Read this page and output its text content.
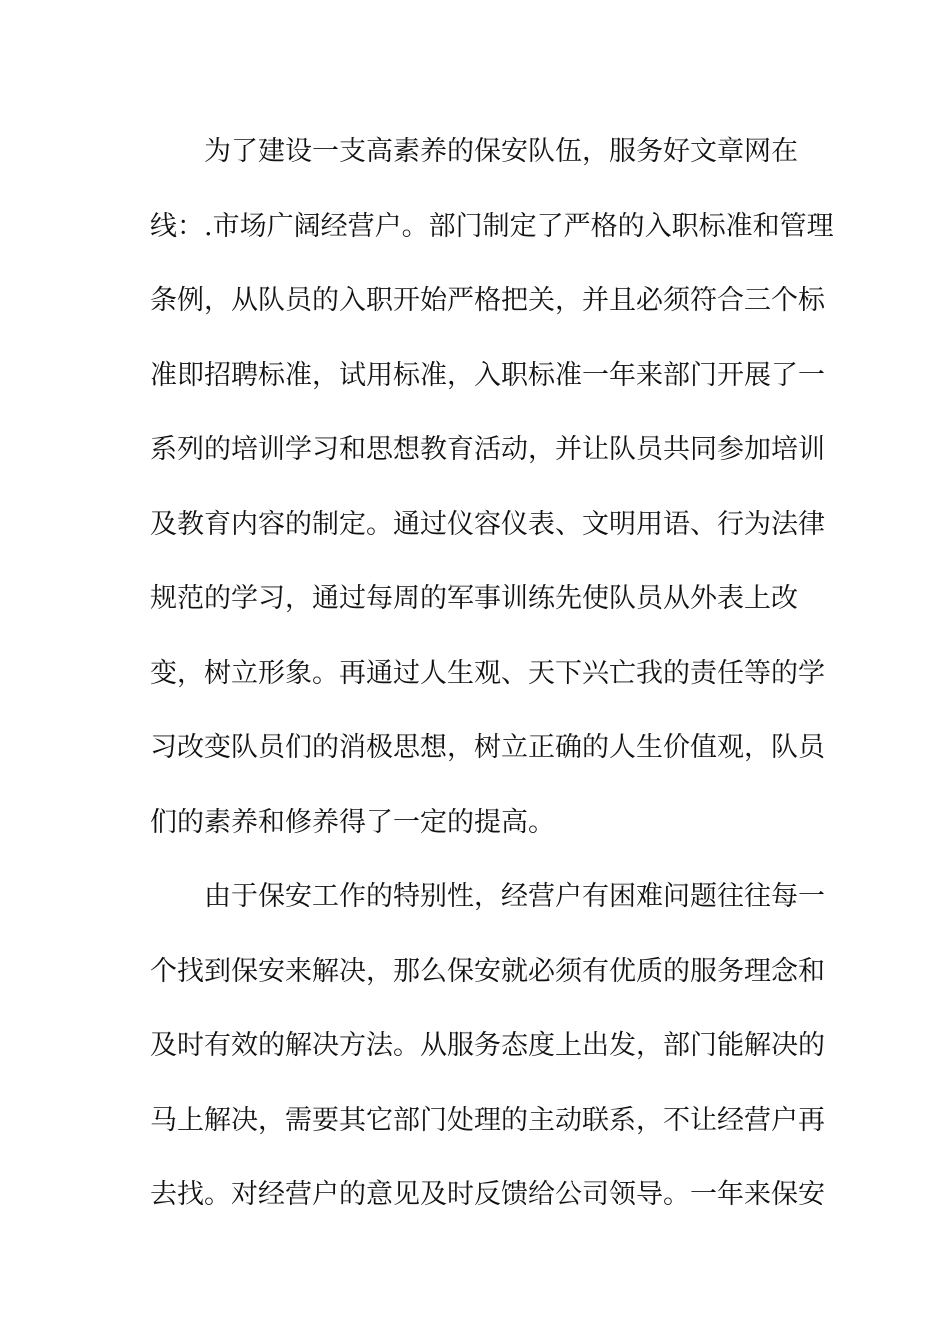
为了建设一支高素养的保安队伍，服务好文章网在
线：.市场广阔经营户。部门制定了严格的入职标准和管理
条例，从队员的入职开始严格把关，并且必须符合三个标
准即招聘标准，试用标准，入职标准一年来部门开展了一
系列的培训学习和思想教育活动，并让队员共同参加培训
及教育内容的制定。通过仪容仪表、文明用语、行为法律
规范的学习，通过每周的军事训练先使队员从外表上改
变，树立形象。再通过人生观、天下兴亡我的责任等的学
习改变队员们的消极思想，树立正确的人生价值观，队员
们的素养和修养得了一定的提高。
由于保安工作的特别性，经营户有困难问题往往每一
个找到保安来解决，那么保安就必须有优质的服务理念和
及时有效的解决方法。从服务态度上出发，部门能解决的
马上解决，需要其它部门处理的主动联系，不让经营户再
去找。对经营户的意见及时反馈给公司领导。一年来保安
